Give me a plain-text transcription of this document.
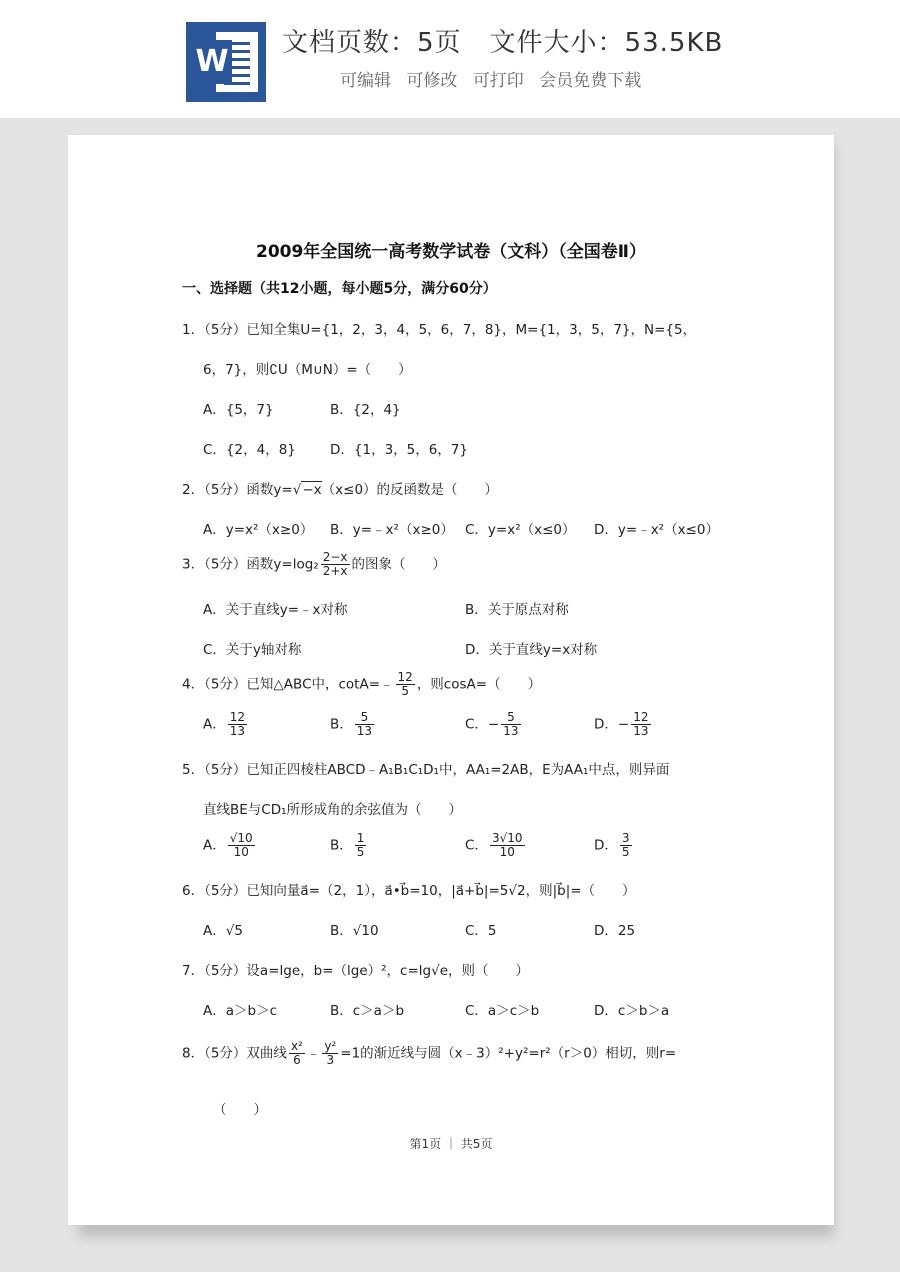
W
文档页数：5页 文件大小：53.5KB
可编辑 可修改 可打印 会员免费下载
2009年全国统一高考数学试卷（文科）（全国卷Ⅱ）
一、选择题（共12小题，每小题5分，满分60分）
1．（5分）已知全集U={1，2，3，4，5，6，7，8}，M={1，3，5，7}，N={5，
6，7}，则∁U（M∪N）=（　　）
A．{5，7}	B．{2，4}
C．{2，4，8}	D．{1，3，5，6，7}
2．（5分）函数y=√−x（x≤0）的反函数是（　　）
A．y=x²（x≥0） B．y=﹣x²（x≥0） C．y=x²（x≤0） D．y=﹣x²（x≤0）
3．（5分）函数$y=\log_2 \frac{2-x}{2+x}$ 的图象（　　）
A．关于直线y=﹣x对称	B．关于原点对称
C．关于y轴对称	D．关于直线y=x对称
4．（5分）已知△ABC中，cotA=﹣ $\frac{12}{5}$ ，则cosA=（　　）
A． $\frac{12}{13}$	B． $\frac{5}{13}$	C．− $\frac{5}{13}$	D．− $\frac{12}{13}$
5．（5分）已知正四棱柱ABCD﹣A₁B₁C₁D₁中，AA₁=2AB，E为AA₁中点，则异面
直线BE与CD₁所形成角的余弦值为（　　）
A． $\frac{√10}{10}$	B． $\frac{1}{5}$	C． $\frac{3√10}{10}$	D． $\frac{3}{5}$
6．（5分）已知向量a⃗=（2，1），a⃗•b⃗=10，|a⃗+b⃗|=5√2，则|b⃗|=（　　）
A．√5	B．√10	C．5	D．25
7．（5分）设a=lge，b=（lge）²，c=lg√e，则（　　）
A．a＞b＞c	B．c＞a＞b	C．a＞c＞b	D．c＞b＞a
8．（5分）双曲线 $\frac{\text{x²}}{6}$ ﹣ $\frac{\text{y²}}{3} =1$的渐近线与圆（x﹣3）²+y²=r²（r＞0）相切，则r=
（　　）
第1页 ｜ 共5页
